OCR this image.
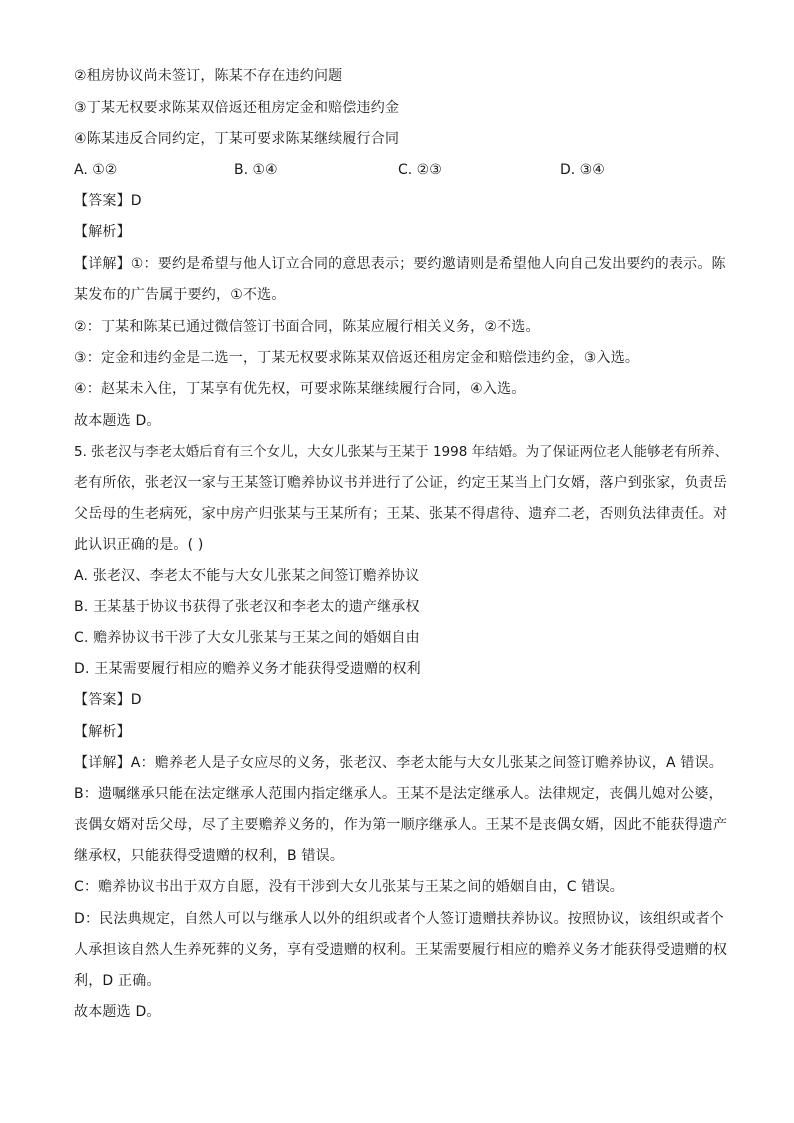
②租房协议尚未签订，陈某不存在违约问题
③丁某无权要求陈某双倍返还租房定金和赔偿违约金
④陈某违反合同约定，丁某可要求陈某继续履行合同
A. ①②	B. ①④	C. ②③	D. ③④
【答案】D
【解析】
【详解】①：要约是希望与他人订立合同的意思表示；要约邀请则是希望他人向自己发出要约的表示。陈
某发布的广告属于要约，①不选。
②：丁某和陈某已通过微信签订书面合同，陈某应履行相关义务，②不选。
③：定金和违约金是二选一，丁某无权要求陈某双倍返还租房定金和赔偿违约金，③入选。
④：赵某未入住，丁某享有优先权，可要求陈某继续履行合同，④入选。
故本题选 D。
5. 张老汉与李老太婚后育有三个女儿，大女儿张某与王某于 1998 年结婚。为了保证两位老人能够老有所养、
老有所依，张老汉一家与王某签订赡养协议书并进行了公证，约定王某当上门女婿，落户到张家，负责岳
父岳母的生老病死，家中房产归张某与王某所有；王某、张某不得虐待、遗弃二老，否则负法律责任。对
此认识正确的是。( )
A. 张老汉、李老太不能与大女儿张某之间签订赡养协议
B. 王某基于协议书获得了张老汉和李老太的遗产继承权
C. 赡养协议书干涉了大女儿张某与王某之间的婚姻自由
D. 王某需要履行相应的赡养义务才能获得受遗赠的权利
【答案】D
【解析】
【详解】A：赡养老人是子女应尽的义务，张老汉、李老太能与大女儿张某之间签订赡养协议，A 错误。
B：遗嘱继承只能在法定继承人范围内指定继承人。王某不是法定继承人。法律规定，丧偶儿媳对公婆，
丧偶女婿对岳父母，尽了主要赡养义务的，作为第一顺序继承人。王某不是丧偶女婿，因此不能获得遗产
继承权，只能获得受遗赠的权利，B 错误。
C：赡养协议书出于双方自愿，没有干涉到大女儿张某与王某之间的婚姻自由，C 错误。
D：民法典规定，自然人可以与继承人以外的组织或者个人签订遗赠扶养协议。按照协议，该组织或者个
人承担该自然人生养死葬的义务，享有受遗赠的权利。王某需要履行相应的赡养义务才能获得受遗赠的权
利，D 正确。
故本题选 D。
